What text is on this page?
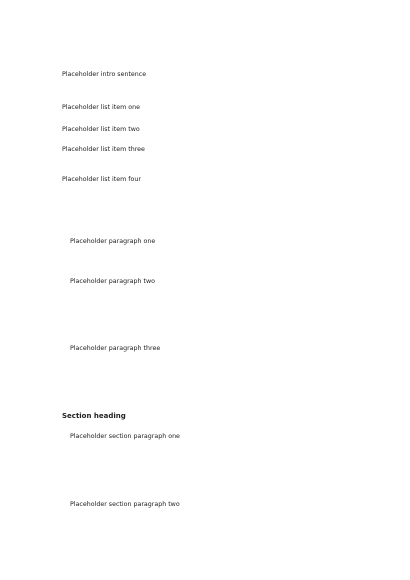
Placeholder intro sentence

Placeholder list item one

Placeholder list item two

Placeholder list item three

Placeholder list item four

Placeholder paragraph one

Placeholder paragraph two

Placeholder paragraph three

Section heading

Placeholder section paragraph one

Placeholder section paragraph two
